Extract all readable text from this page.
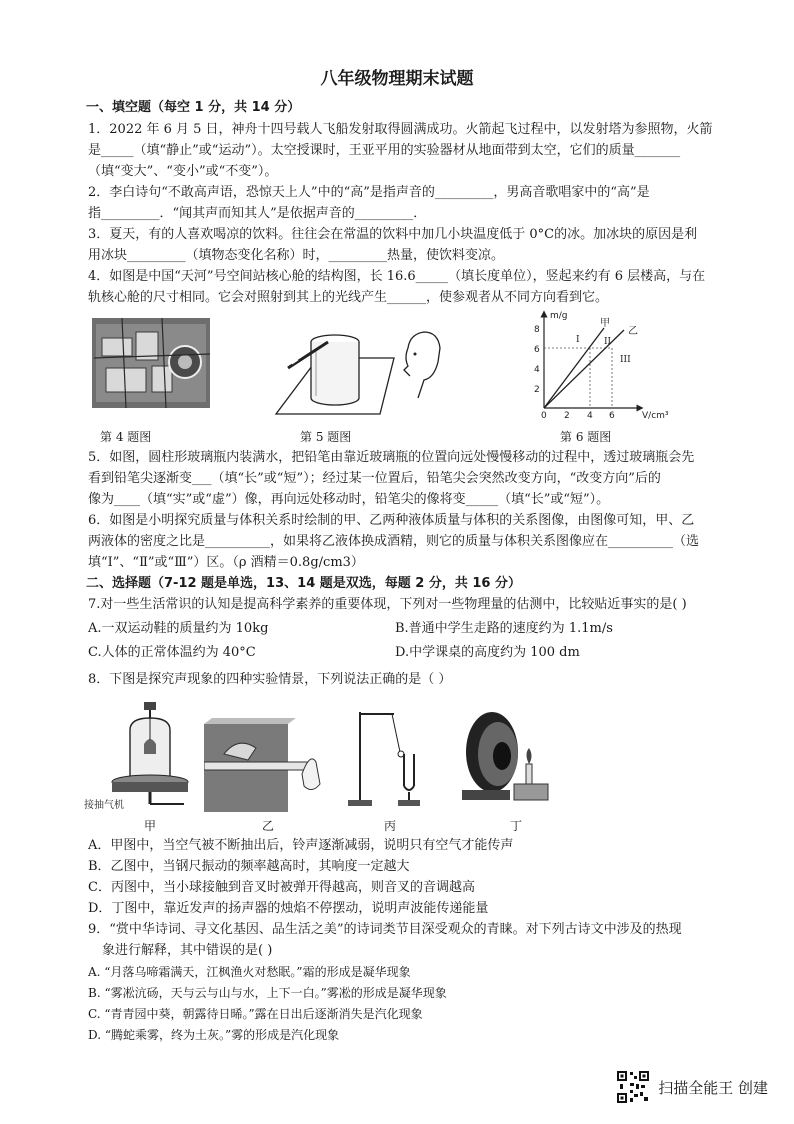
八年级物理期末试题
一、填空题（每空 1 分，共 14 分）
1．2022 年 6 月 5 日，神舟十四号载人飞船发射取得圆满成功。火箭起飞过程中，以发射塔为参照物，火箭
是_____（填“静止”或“运动”）。太空授课时，王亚平用的实验器材从地面带到太空，它们的质量_______
（填“变大”、“变小”或“不变”）。
2．李白诗句“不敢高声语，恐惊天上人”中的“高”是指声音的_________，男高音歌唱家中的“高”是
指_________．“闻其声而知其人”是依据声音的_________．
3．夏天，有的人喜欢喝凉的饮料。往往会在常温的饮料中加几小块温度低于 0°C的冰。加冰块的原因是利
用冰块_________（填物态变化名称）时，_________热量，使饮料变凉。
4．如图是中国“天河”号空间站核心舱的结构图，长 16.6_____（填长度单位），竖起来约有 6 层楼高，与在
轨核心舱的尺寸相同。它会对照射到其上的光线产生______，使参观者从不同方向看到它。
第 4 题图	第 5 题图
m/g
V/cm³
8
6
4
2
0 2 4 6
甲
乙
I	II
III
第 6 题图
5．如图，圆柱形玻璃瓶内装满水，把铅笔由靠近玻璃瓶的位置向远处慢慢移动的过程中，透过玻璃瓶会先
看到铅笔尖逐渐变___（填“长”或“短”）；经过某一位置后，铅笔尖会突然改变方向，“改变方向”后的
像为____（填“实”或“虚”）像，再向远处移动时，铅笔尖的像将变_____（填“长”或“短”）。
6．如图是小明探究质量与体积关系时绘制的甲、乙两种液体质量与体积的关系图像，由图像可知，甲、乙
两液体的密度之比是__________，如果将乙液体换成酒精，则它的质量与体积关系图像应在__________（选
填“Ⅰ”、“Ⅱ”或“Ⅲ”）区。（ρ 酒精＝0.8g/cm3）
二、选择题（7-12 题是单选，13、14 题是双选，每题 2 分，共 16 分）
7.对一些生活常识的认知是提高科学素养的重要体现，下列对一些物理量的估测中，比较贴近事实的是( )
A.一双运动鞋的质量约为 10kg	B.普通中学生走路的速度约为 1.1m/s
C.人体的正常体温约为 40°C	D.中学课桌的高度约为 100 dm
8．下图是探究声现象的四种实验情景，下列说法正确的是（ ）
接抽气机
甲	乙	丙	丁
A．甲图中，当空气被不断抽出后，铃声逐渐减弱，说明只有空气才能传声
B．乙图中，当钢尺振动的频率越高时，其响度一定越大
C．丙图中，当小球接触到音叉时被弹开得越高，则音叉的音调越高
D．丁图中，靠近发声的扬声器的烛焰不停摆动，说明声波能传递能量
9．“赏中华诗词、寻文化基因、品生活之美”的诗词类节目深受观众的青睐。对下列古诗文中涉及的热现
象进行解释，其中错误的是( )
A. “月落乌啼霜满天，江枫渔火对愁眠。”霜的形成是凝华现象
B. “雾凇沆砀，天与云与山与水，上下一白。”雾凇的形成是凝华现象
C. “青青园中葵，朝露待日晞。”露在日出后逐渐消失是汽化现象
D. “腾蛇乘雾，终为土灰。”雾的形成是汽化现象
扫描全能王 创建
